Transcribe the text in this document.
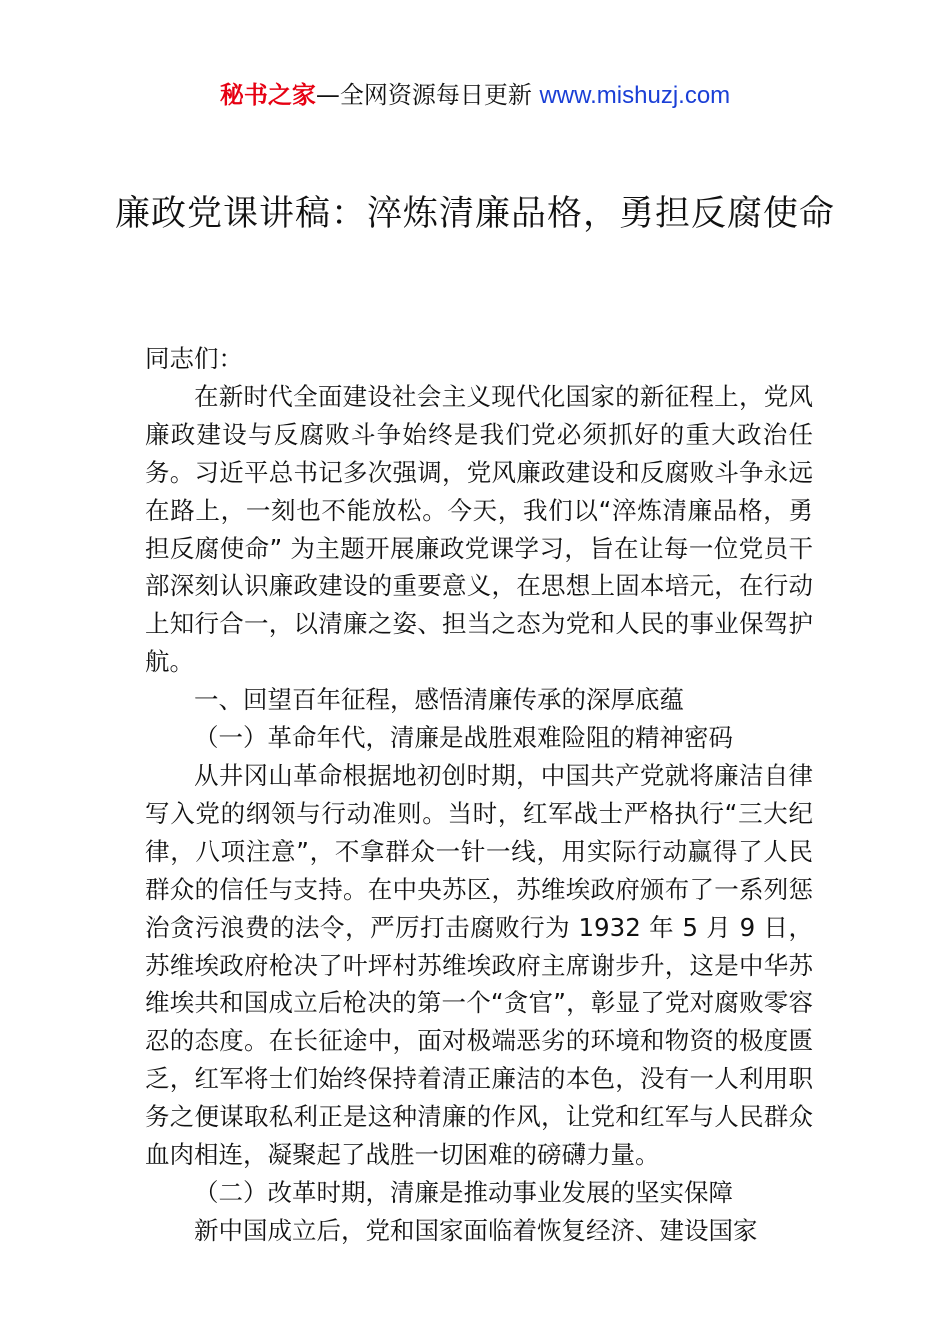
秘书之家—全网资源每日更新 www.mishuzj.com
廉政党课讲稿：淬炼清廉品格，勇担反腐使命

同志们：

在新时代全面建设社会主义现代化国家的新征程上，党风廉政建设与反腐败斗争始终是我们党必须抓好的重大政治任务。习近平总书记多次强调，党风廉政建设和反腐败斗争永远在路上，一刻也不能放松。今天，我们以“淬炼清廉品格，勇担反腐使命” 为主题开展廉政党课学习，旨在让每一位党员干部深刻认识廉政建设的重要意义，在思想上固本培元，在行动上知行合一，以清廉之姿、担当之态为党和人民的事业保驾护航。

一、回望百年征程，感悟清廉传承的深厚底蕴

（一）革命年代，清廉是战胜艰难险阻的精神密码

从井冈山革命根据地初创时期，中国共产党就将廉洁自律写入党的纲领与行动准则。当时，红军战士严格执行“三大纪律，八项注意”，不拿群众一针一线，用实际行动赢得了人民群众的信任与支持。在中央苏区，苏维埃政府颁布了一系列惩治贪污浪费的法令，严厉打击腐败行为 1932 年 5 月 9 日，苏维埃政府枪决了叶坪村苏维埃政府主席谢步升，这是中华苏维埃共和国成立后枪决的第一个“贪官”，彰显了党对腐败零容忍的态度。在长征途中，面对极端恶劣的环境和物资的极度匮乏，红军将士们始终保持着清正廉洁的本色，没有一人利用职务之便谋取私利正是这种清廉的作风，让党和红军与人民群众血肉相连，凝聚起了战胜一切困难的磅礴力量。

（二）改革时期，清廉是推动事业发展的坚实保障

新中国成立后，党和国家面临着恢复经济、建设国家
